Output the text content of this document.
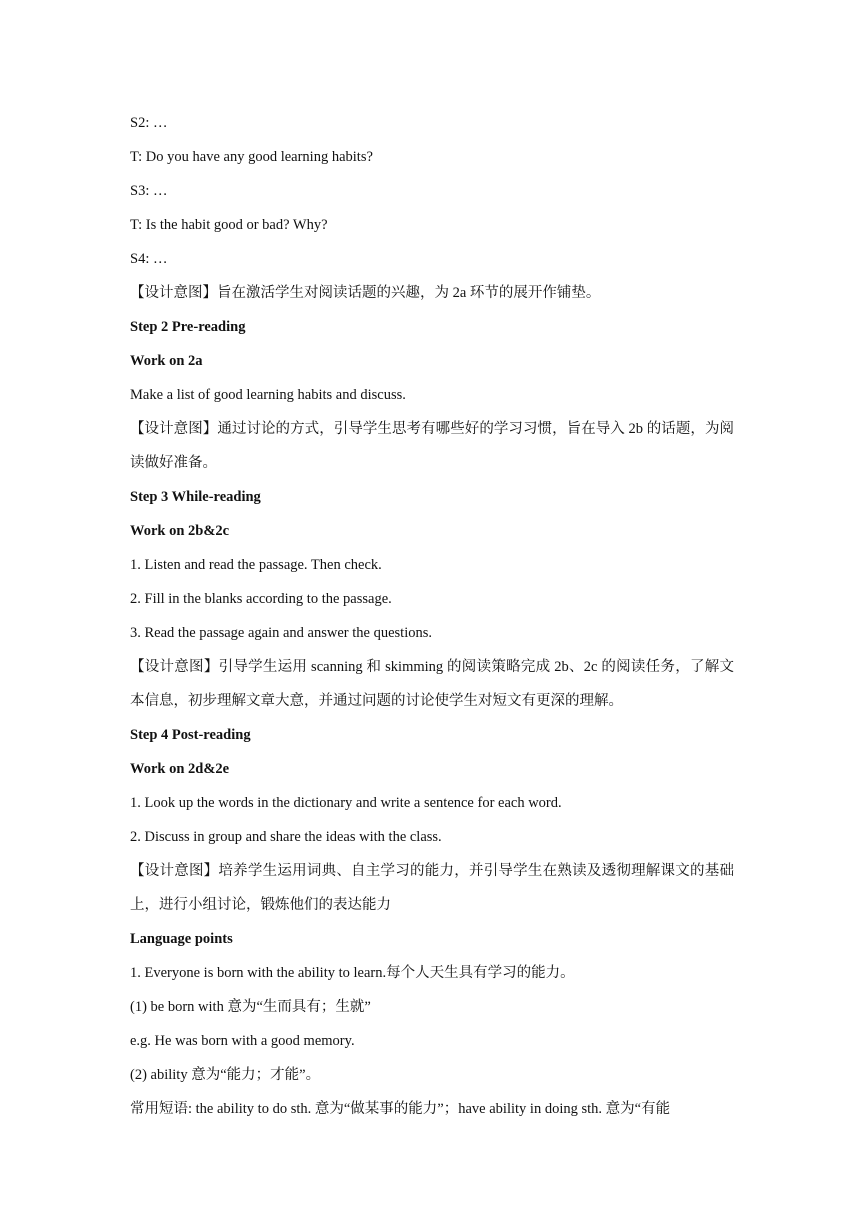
S2: …
T: Do you have any good learning habits?
S3: …
T: Is the habit good or bad? Why?
S4: …
【设计意图】旨在激活学生对阅读话题的兴趣，为 2a 环节的展开作铺垫。
Step 2 Pre-reading
Work on 2a
Make a list of good learning habits and discuss.
【设计意图】通过讨论的方式，引导学生思考有哪些好的学习习惯，旨在导入 2b 的话题，为阅读做好准备。
Step 3 While-reading
Work on 2b&2c
1. Listen and read the passage. Then check.
2. Fill in the blanks according to the passage.
3. Read the passage again and answer the questions.
【设计意图】引导学生运用 scanning 和 skimming 的阅读策略完成 2b、2c 的阅读任务，了解文本信息，初步理解文章大意，并通过问题的讨论使学生对短文有更深的理解。
Step 4 Post-reading
Work on 2d&2e
1. Look up the words in the dictionary and write a sentence for each word.
2. Discuss in group and share the ideas with the class.
【设计意图】培养学生运用词典、自主学习的能力，并引导学生在熟读及透彻理解课文的基础上，进行小组讨论，锻炼他们的表达能力
Language points
1. Everyone is born with the ability to learn.每个人天生具有学习的能力。
(1) be born with 意为“生而具有；生就”
e.g. He was born with a good memory.
(2) ability 意为“能力；才能”。
常用短语: the ability to do sth. 意为“做某事的能力”；have ability in doing sth. 意为“有能
